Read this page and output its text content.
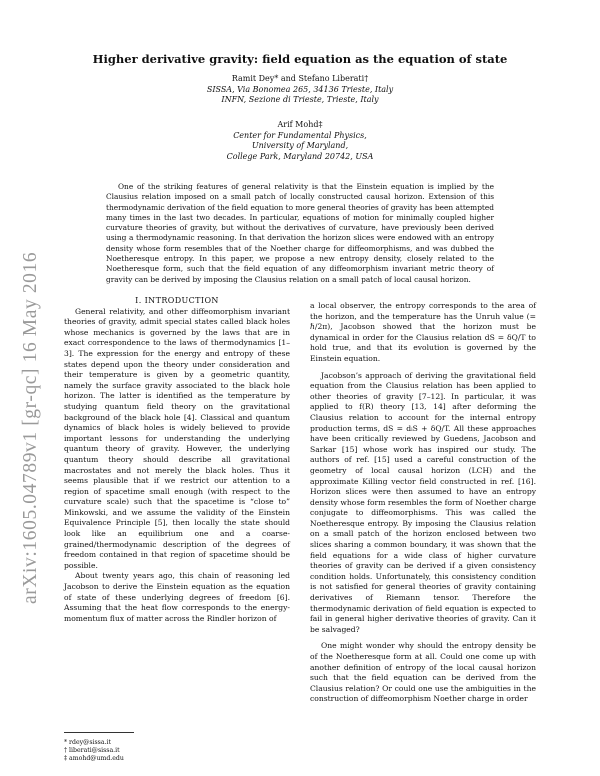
arXiv:1605.04789v1 [gr-qc] 16 May 2016
Higher derivative gravity: field equation as the equation of state
Ramit Dey* and Stefano Liberati†
SISSA, Via Bonomea 265, 34136 Trieste, Italy
INFN, Sezione di Trieste, Trieste, Italy
Arif Mohd‡
Center for Fundamental Physics,
University of Maryland,
College Park, Maryland 20742, USA
One of the striking features of general relativity is that the Einstein equation is implied by the Clausius relation imposed on a small patch of locally constructed causal horizon. Extension of this thermodynamic derivation of the field equation to more general theories of gravity has been attempted many times in the last two decades. In particular, equations of motion for minimally coupled higher curvature theories of gravity, but without the derivatives of curvature, have previously been derived using a thermodynamic reasoning. In that derivation the horizon slices were endowed with an entropy density whose form resembles that of the Noether charge for diffeomorphisms, and was dubbed the Noetheresque entropy. In this paper, we propose a new entropy density, closely related to the Noetheresque form, such that the field equation of any diffeomorphism invariant metric theory of gravity can be derived by imposing the Clausius relation on a small patch of local causal horizon.

I. INTRODUCTION

General relativity, and other diffeomorphism invariant theories of gravity, admit special states called black holes whose mechanics is governed by the laws that are in exact correspondence to the laws of thermodynamics [1–3]. The expression for the energy and entropy of these states depend upon the theory under consideration and their temperature is given by a geometric quantity, namely the surface gravity associated to the black hole horizon. The latter is identified as the temperature by studying quantum field theory on the gravitational background of the black hole [4]. Classical and quantum dynamics of black holes is widely believed to provide important lessons for understanding the underlying quantum theory of gravity. However, the underlying quantum theory should describe all gravitational macrostates and not merely the black holes. Thus it seems plausible that if we restrict our attention to a region of spacetime small enough (with respect to the curvature scale) such that the spacetime is “close to” Minkowski, and we assume the validity of the Einstein Equivalence Principle [5], then locally the state should look like an equilibrium one and a coarse-grained/thermodynamic description of the degrees of freedom contained in that region of spacetime should be possible.

About twenty years ago, this chain of reasoning led Jacobson to derive the Einstein equation as the equation of state of these underlying degrees of freedom [6]. Assuming that the heat flow corresponds to the energy-momentum flux of matter across the Rindler horizon of

a local observer, the entropy corresponds to the area of the horizon, and the temperature has the Unruh value (= ℏ/2π), Jacobson showed that the horizon must be dynamical in order for the Clausius relation dS = δQ/T to hold true, and that its evolution is governed by the Einstein equation.

Jacobson’s approach of deriving the gravitational field equation from the Clausius relation has been applied to other theories of gravity [7–12]. In particular, it was applied to f(R) theory [13, 14] after deforming the Clausius relation to account for the internal entropy production terms, dS = dᵢS + δQ/T. All these approaches have been critically reviewed by Guedens, Jacobson and Sarkar [15] whose work has inspired our study. The authors of ref. [15] used a careful construction of the geometry of local causal horizon (LCH) and the approximate Killing vector field constructed in ref. [16]. Horizon slices were then assumed to have an entropy density whose form resembles the form of Noether charge conjugate to diffeomorphisms. This was called the Noetheresque entropy. By imposing the Clausius relation on a small patch of the horizon enclosed between two slices sharing a common boundary, it was shown that the field equations for a wide class of higher curvature theories of gravity can be derived if a given consistency condition holds. Unfortunately, this consistency condition is not satisfied for general theories of gravity containing derivatives of Riemann tensor. Therefore the thermodynamic derivation of field equation is expected to fail in general higher derivative theories of gravity. Can it be salvaged?

One might wonder why should the entropy density be of the Noetheresque form at all. Could one come up with another definition of entropy of the local causal horizon such that the field equation can be derived from the Clausius relation? Or could one use the ambiguities in the construction of diffeomorphism Noether charge in order

* rdey@sissa.it
† liberati@sissa.it
‡ amohd@umd.edu
